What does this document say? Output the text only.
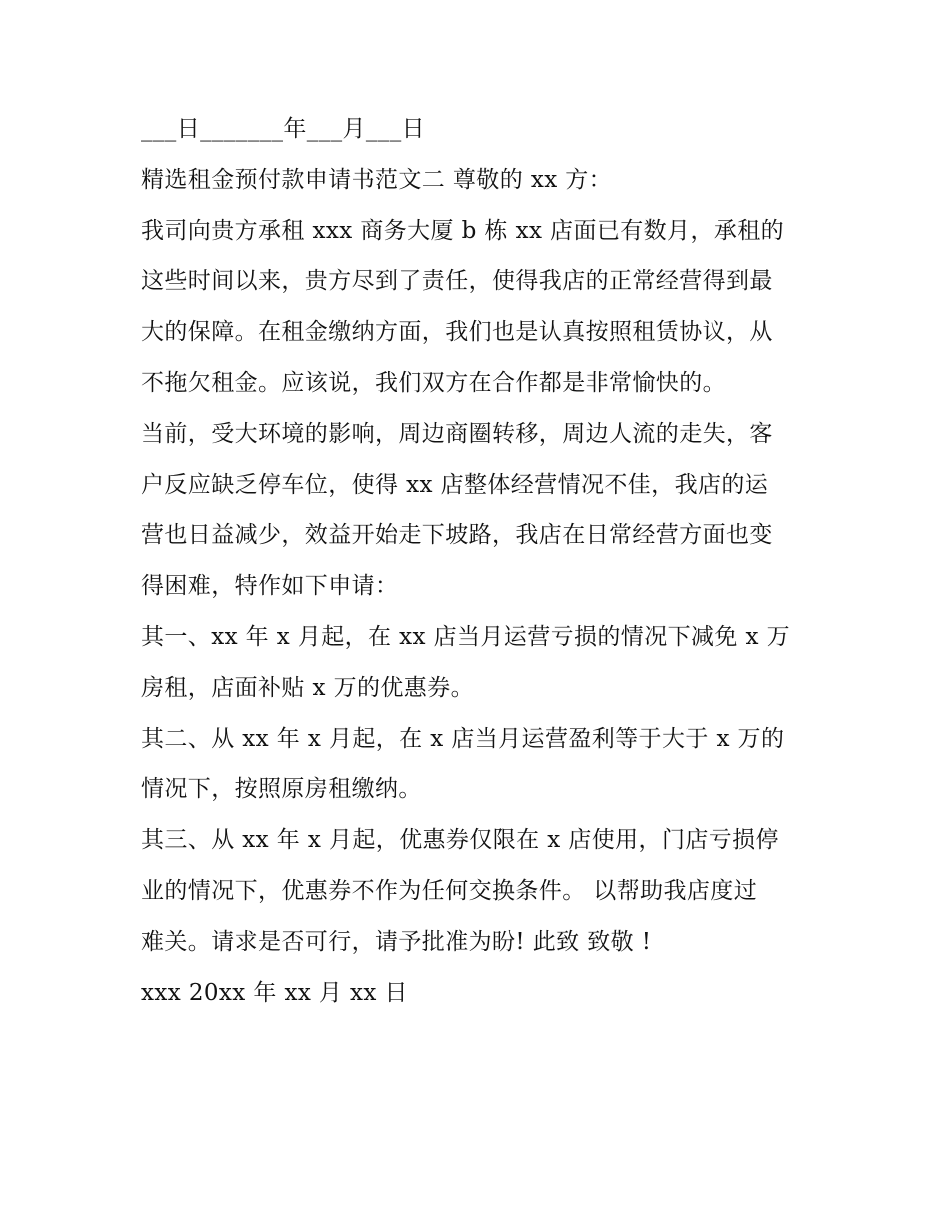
___日_______年___月___日
精选租金预付款申请书范文二 尊敬的 xx 方：
我司向贵方承租 xxx 商务大厦 b 栋 xx 店面已有数月，承租的
这些时间以来，贵方尽到了责任，使得我店的正常经营得到最
大的保障。在租金缴纳方面，我们也是认真按照租赁协议，从
不拖欠租金。应该说，我们双方在合作都是非常愉快的。
当前，受大环境的影响，周边商圈转移，周边人流的走失，客
户反应缺乏停车位，使得 xx 店整体经营情况不佳，我店的运
营也日益减少，效益开始走下坡路，我店在日常经营方面也变
得困难，特作如下申请：
其一、xx 年 x 月起，在 xx 店当月运营亏损的情况下减免 x 万
房租，店面补贴 x 万的优惠券。
其二、从 xx 年 x 月起，在 x 店当月运营盈利等于大于 x 万的
情况下，按照原房租缴纳。
其三、从 xx 年 x 月起，优惠券仅限在 x 店使用，门店亏损停
业的情况下，优惠券不作为任何交换条件。 以帮助我店度过
难关。请求是否可行，请予批准为盼! 此致 致敬 !
xxx 20xx 年 xx 月 xx 日
